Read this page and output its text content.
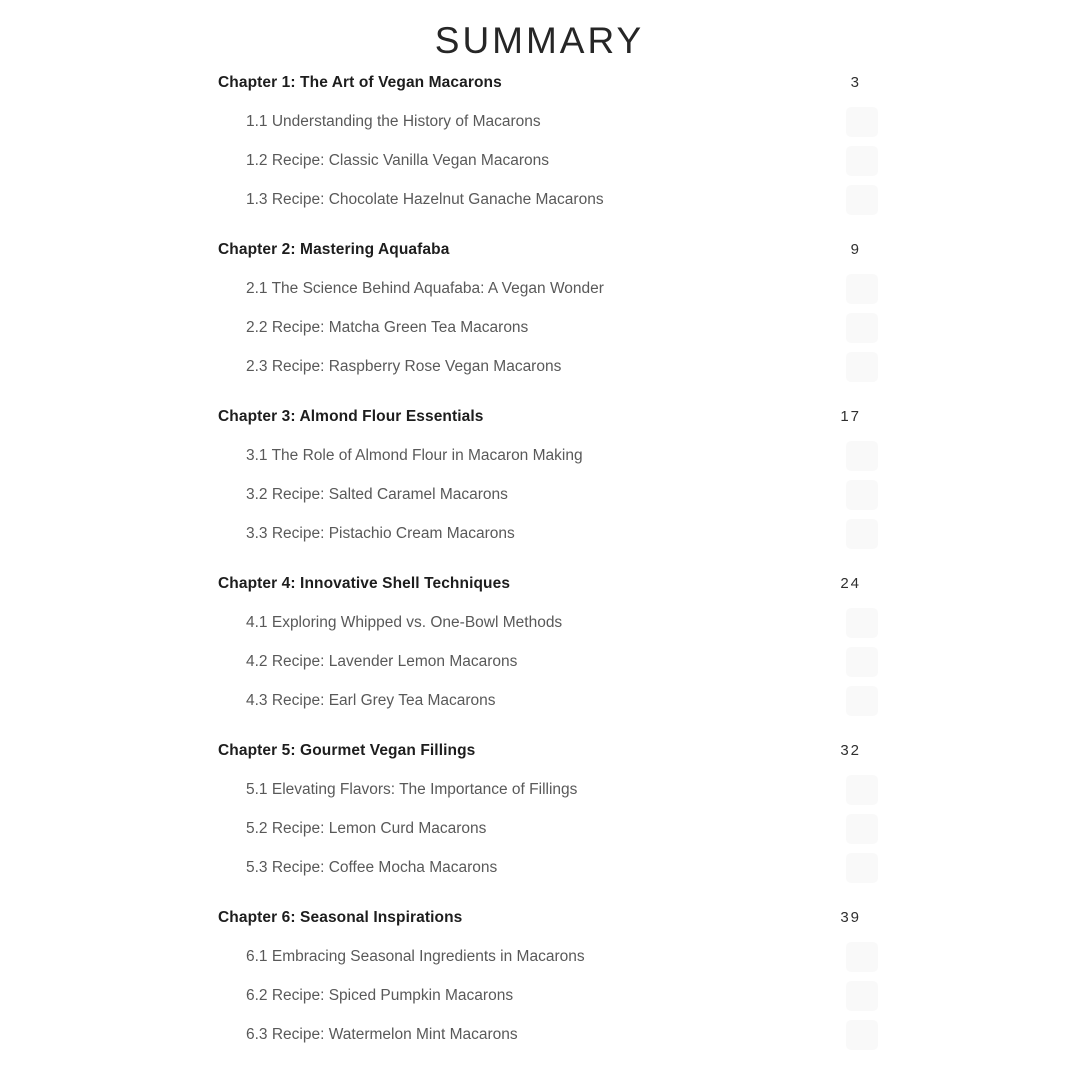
SUMMARY
Chapter 1: The Art of Vegan Macarons	3
1.1 Understanding the History of Macarons
1.2 Recipe: Classic Vanilla Vegan Macarons
1.3 Recipe: Chocolate Hazelnut Ganache Macarons
Chapter 2: Mastering Aquafaba	9
2.1 The Science Behind Aquafaba: A Vegan Wonder
2.2 Recipe: Matcha Green Tea Macarons
2.3 Recipe: Raspberry Rose Vegan Macarons
Chapter 3: Almond Flour Essentials	17
3.1 The Role of Almond Flour in Macaron Making
3.2 Recipe: Salted Caramel Macarons
3.3 Recipe: Pistachio Cream Macarons
Chapter 4: Innovative Shell Techniques	24
4.1 Exploring Whipped vs. One-Bowl Methods
4.2 Recipe: Lavender Lemon Macarons
4.3 Recipe: Earl Grey Tea Macarons
Chapter 5: Gourmet Vegan Fillings	32
5.1 Elevating Flavors: The Importance of Fillings
5.2 Recipe: Lemon Curd Macarons
5.3 Recipe: Coffee Mocha Macarons
Chapter 6: Seasonal Inspirations	39
6.1 Embracing Seasonal Ingredients in Macarons
6.2 Recipe: Spiced Pumpkin Macarons
6.3 Recipe: Watermelon Mint Macarons
